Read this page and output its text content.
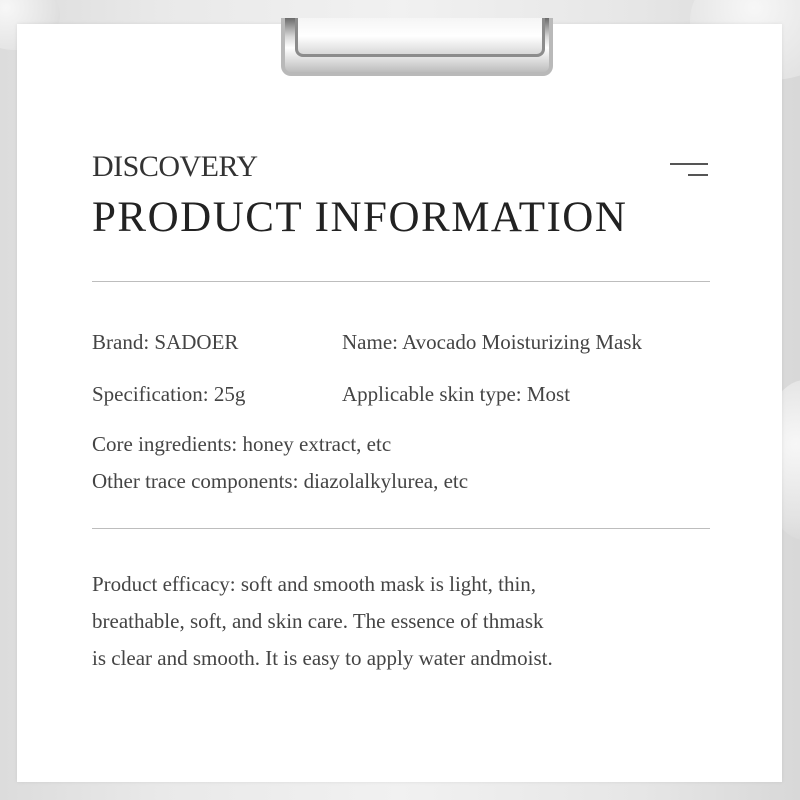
DISCOVERY

PRODUCT INFORMATION

Brand: SADOER	Name: Avocado Moisturizing Mask

Specification: 25g	Applicable skin type: Most

Core ingredients: honey extract, etc

Other trace components: diazolalkylurea, etc

Product efficacy: soft and smooth mask is light, thin,
breathable, soft, and skin care. The essence of thmask
is clear and smooth. It is easy to apply water andmoist.
